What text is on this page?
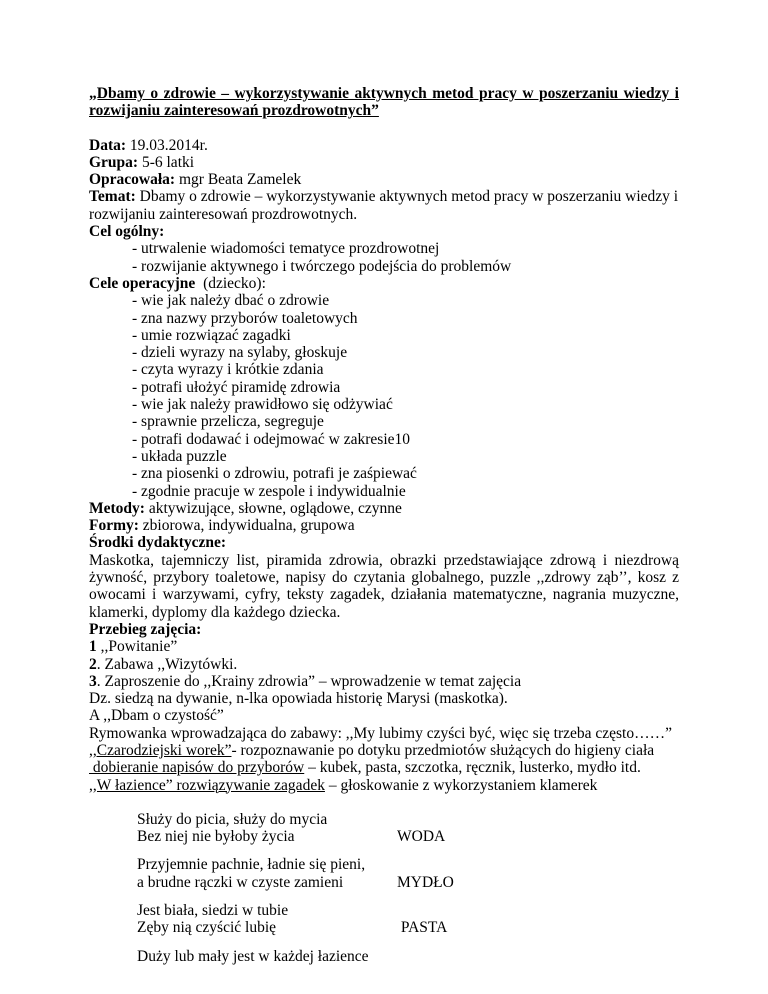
„Dbamy o zdrowie – wykorzystywanie aktywnych metod pracy w poszerzaniu wiedzy i rozwijaniu zainteresowań prozdrowotnych”
Data: 19.03.2014r.
Grupa: 5-6 latki
Opracowała: mgr Beata Zamelek
Temat: Dbamy o zdrowie – wykorzystywanie aktywnych metod pracy w poszerzaniu wiedzy i rozwijaniu zainteresowań prozdrowotnych.
Cel ogólny:
- utrwalenie wiadomości tematyce prozdrowotnej
- rozwijanie aktywnego i twórczego podejścia do problemów
Cele operacyjne  (dziecko):
- wie jak należy dbać o zdrowie
- zna nazwy przyborów toaletowych
- umie rozwiązać zagadki
- dzieli wyrazy na sylaby, głoskuje
- czyta wyrazy i krótkie zdania
- potrafi ułożyć piramidę zdrowia
- wie jak należy prawidłowo się odżywiać
- sprawnie przelicza, segreguje
- potrafi dodawać i odejmować w zakresie10
- układa puzzle
- zna piosenki o zdrowiu, potrafi je zaśpiewać
- zgodnie pracuje w zespole i indywidualnie
Metody: aktywizujące, słowne, oglądowe, czynne
Formy: zbiorowa, indywidualna, grupowa
Środki dydaktyczne:
Maskotka, tajemniczy list, piramida zdrowia, obrazki przedstawiające zdrową i niezdrową żywność, przybory toaletowe, napisy do czytania globalnego, puzzle ,,zdrowy ząb’’, kosz z owocami i warzywami, cyfry, teksty zagadek, działania matematyczne, nagrania muzyczne, klamerki, dyplomy dla każdego dziecka.
Przebieg zajęcia:
1 ,,Powitanie”
2. Zabawa ,,Wizytówki.
3. Zaproszenie do ,,Krainy zdrowia” – wprowadzenie w temat zajęcia
Dz. siedzą na dywanie, n-lka opowiada historię Marysi (maskotka).
A ,,Dbam o czystość”
Rymowanka wprowadzająca do zabawy: ,,My lubimy czyści być, więc się trzeba często……”
,,Czarodziejski worek”- rozpoznawanie po dotyku przedmiotów służących do higieny ciała
dobieranie napisów do przyborów – kubek, pasta, szczotka, ręcznik, lusterko, mydło itd.
,,W łazience” rozwiązywanie zagadek – głoskowanie z wykorzystaniem klamerek
Służy do picia, służy do mycia
Bez niej nie byłoby życia	WODA
Przyjemnie pachnie, ładnie się pieni,
a brudne rączki w czyste zamieni	MYDŁO
Jest biała, siedzi w tubie
Zęby nią czyścić lubię	PASTA
Duży lub mały jest w każdej łazience
